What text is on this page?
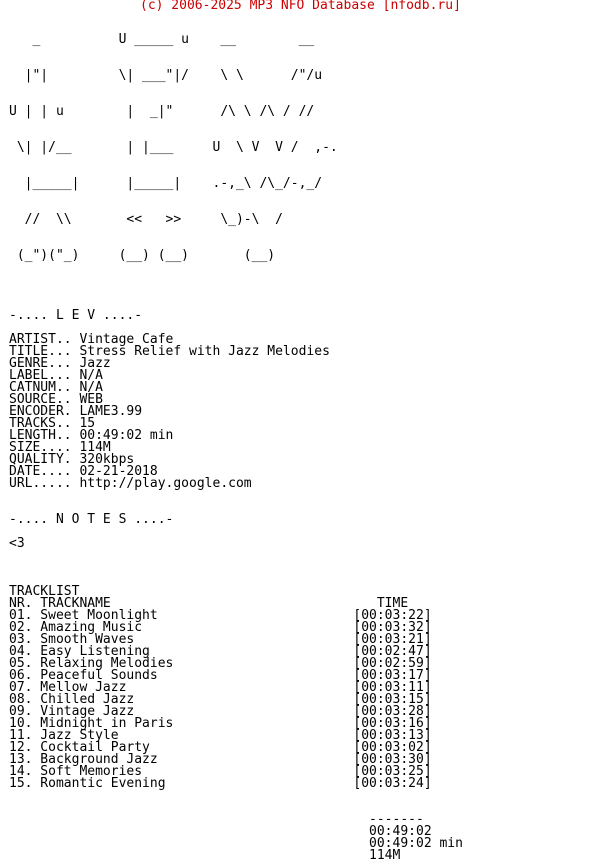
(c) 2006-2025 MP3 NFO Database [nfodb.ru]

_          U _____ u    __        __

|"|         \| ___"|/    \ \      /"/u

U | | u        |  _|"      /\ \ /\ / //

\| |/__       | |___     U  \ V  V /  ,-.

|_____|      |_____|    .-,_\ /\_/-,_/

//  \\       <<   >>     \_)-\  /

(_")("_)     (__) (__)       (__)

-.... L E V ....-
ARTIST.. Vintage Cafe
TITLE... Stress Relief with Jazz Melodies
GENRE... Jazz
LABEL... N/A
CATNUM.. N/A
SOURCE.. WEB
ENCODER. LAME3.99
TRACKS.. 15
LENGTH.. 00:49:02 min
SIZE.... 114M
QUALITY. 320kbps
DATE.... 02-21-2018
URL..... http://play.google.com
-.... N O T E S ....-
<3
TRACKLIST
NR. TRACKNAME                                  TIME
01. Sweet Moonlight                         [00:03:22]
02. Amazing Music                           [00:03:32]
03. Smooth Waves                            [00:03:21]
04. Easy Listening                          [00:02:47]
05. Relaxing Melodies                       [00:02:59]
06. Peaceful Sounds                         [00:03:17]
07. Mellow Jazz                             [00:03:11]
08. Chilled Jazz                            [00:03:15]
09. Vintage Jazz                            [00:03:28]
10. Midnight in Paris                       [00:03:16]
11. Jazz Style                              [00:03:13]
12. Cocktail Party                          [00:03:02]
13. Background Jazz                         [00:03:30]
14. Soft Memories                           [00:03:25]
15. Romantic Evening                        [00:03:24]
-------
00:49:02
00:49:02 min
114M
